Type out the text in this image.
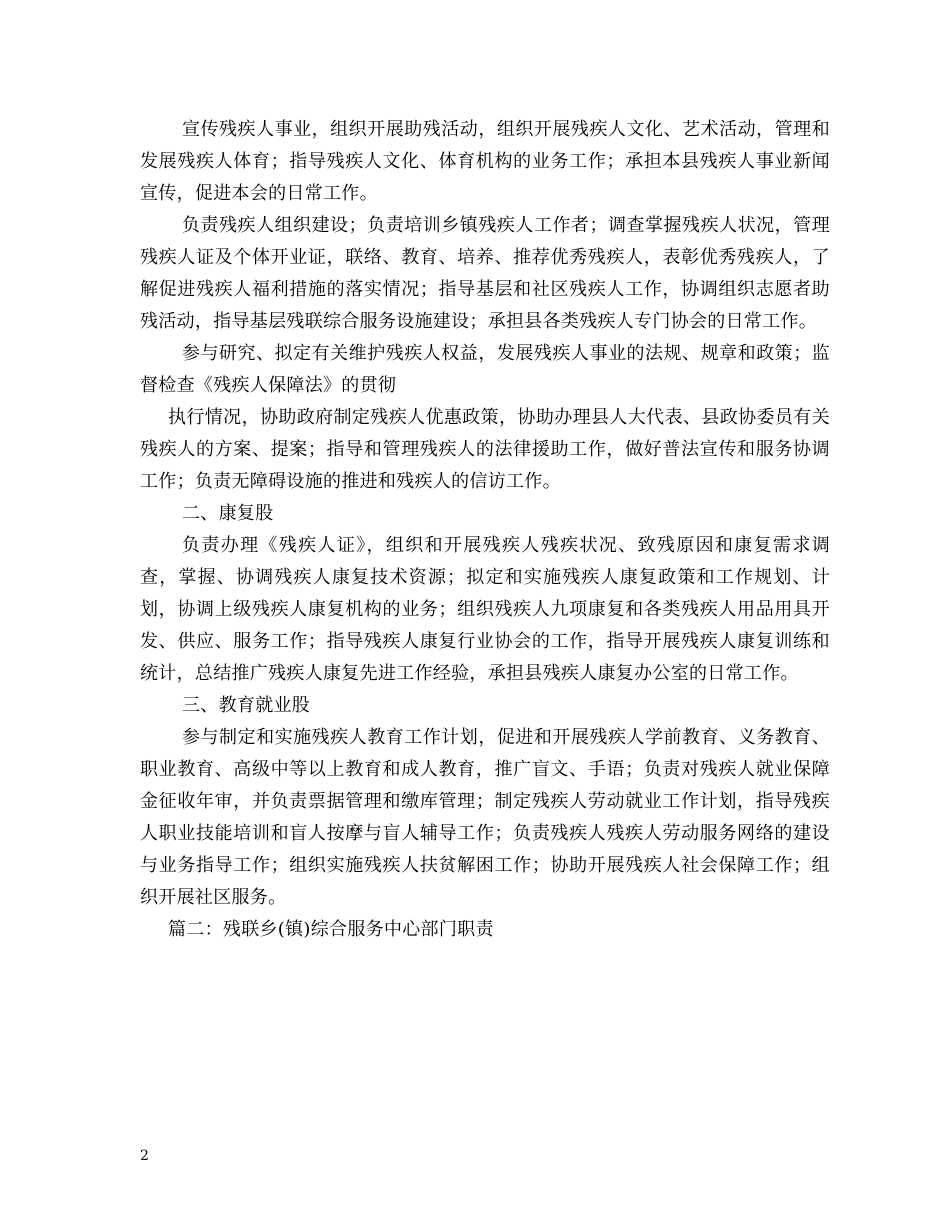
宣传残疾人事业，组织开展助残活动，组织开展残疾人文化、艺术活动，管理和发展残疾人体育；指导残疾人文化、体育机构的业务工作；承担本县残疾人事业新闻宣传，促进本会的日常工作。

负责残疾人组织建设；负责培训乡镇残疾人工作者；调查掌握残疾人状况，管理残疾人证及个体开业证，联络、教育、培养、推荐优秀残疾人，表彰优秀残疾人，了解促进残疾人福利措施的落实情况；指导基层和社区残疾人工作，协调组织志愿者助残活动，指导基层残联综合服务设施建设；承担县各类残疾人专门协会的日常工作。

参与研究、拟定有关维护残疾人权益，发展残疾人事业的法规、规章和政策；监督检查《残疾人保障法》的贯彻

执行情况，协助政府制定残疾人优惠政策，协助办理县人大代表、县政协委员有关残疾人的方案、提案；指导和管理残疾人的法律援助工作，做好普法宣传和服务协调工作；负责无障碍设施的推进和残疾人的信访工作。

二、康复股

负责办理《残疾人证》，组织和开展残疾人残疾状况、致残原因和康复需求调查，掌握、协调残疾人康复技术资源；拟定和实施残疾人康复政策和工作规划、计划，协调上级残疾人康复机构的业务；组织残疾人九项康复和各类残疾人用品用具开发、供应、服务工作；指导残疾人康复行业协会的工作，指导开展残疾人康复训练和统计，总结推广残疾人康复先进工作经验，承担县残疾人康复办公室的日常工作。

三、教育就业股

参与制定和实施残疾人教育工作计划，促进和开展残疾人学前教育、义务教育、职业教育、高级中等以上教育和成人教育，推广盲文、手语；负责对残疾人就业保障金征收年审，并负责票据管理和缴库管理；制定残疾人劳动就业工作计划，指导残疾人职业技能培训和盲人按摩与盲人辅导工作；负责残疾人残疾人劳动服务网络的建设与业务指导工作；组织实施残疾人扶贫解困工作；协助开展残疾人社会保障工作；组织开展社区服务。

篇二：残联乡(镇)综合服务中心部门职责

2
